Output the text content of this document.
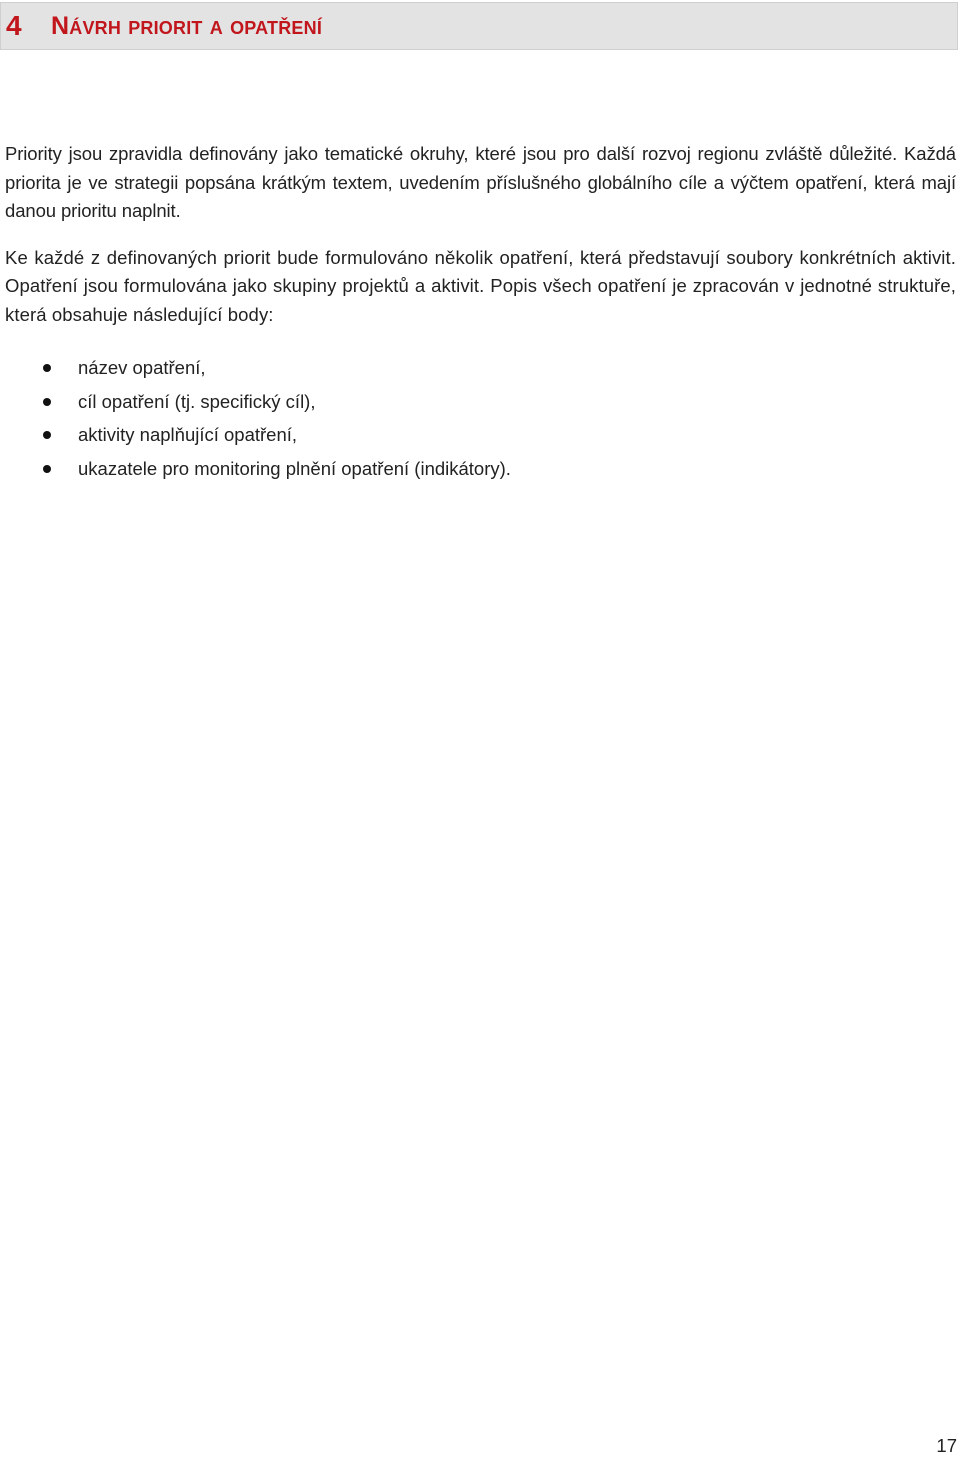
4	Návrh priorit a opatření

Priority jsou zpravidla definovány jako tematické okruhy, které jsou pro další rozvoj regionu zvláště důležité. Každá priorita je ve strategii popsána krátkým textem, uvedením příslušného globálního cíle a výčtem opatření, která mají danou prioritu naplnit.

Ke každé z definovaných priorit bude formulováno několik opatření, která představují soubory konkrétních aktivit. Opatření jsou formulována jako skupiny projektů a aktivit. Popis všech opatření je zpracován v jednotné struktuře, která obsahuje následující body:

název opatření,
cíl opatření (tj. specifický cíl),
aktivity naplňující opatření,
ukazatele pro monitoring plnění opatření (indikátory).
17
